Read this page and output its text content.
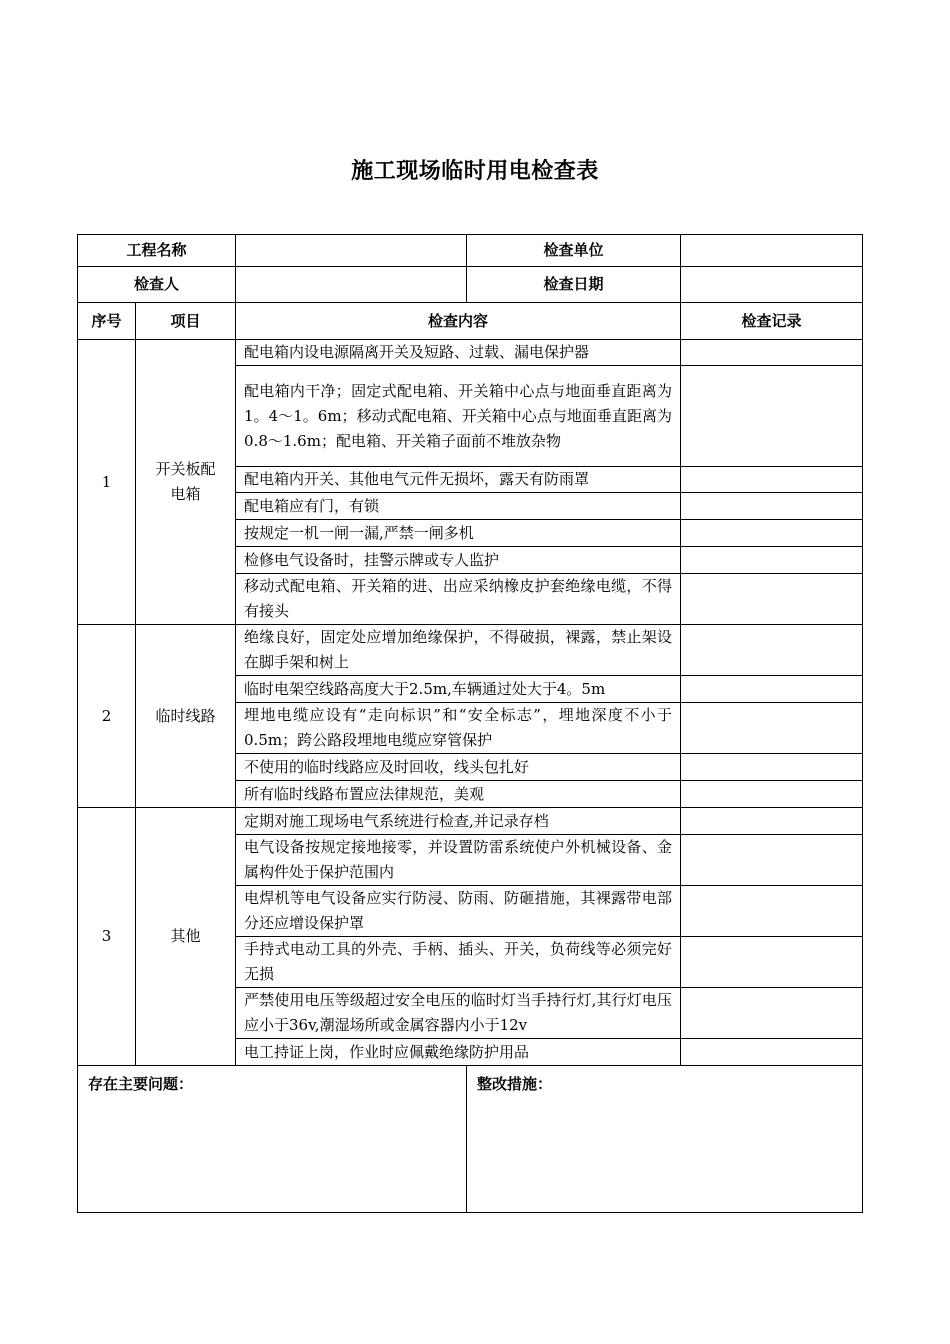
施工现场临时用电检查表
工程名称			检查单位	
检查人			检查日期	
序号	项目	检查内容		检查记录
1	开关板配电箱	配电箱内设电源隔离开关及短路、过载、漏电保护器		
		配电箱内干净；固定式配电箱、开关箱中心点与地面垂直距离为1。4～1。6m；移动式配电箱、开关箱中心点与地面垂直距离为0.8～1.6m；配电箱、开关箱子面前不堆放杂物		
		配电箱内开关、其他电气元件无损坏，露天有防雨罩		
		配电箱应有门，有锁		
		按规定一机一闸一漏,严禁一闸多机		
		检修电气设备时，挂警示牌或专人监护		
		移动式配电箱、开关箱的进、出应采纳橡皮护套绝缘电缆，不得有接头		
2	临时线路	绝缘良好，固定处应增加绝缘保护，不得破损，裸露，禁止架设在脚手架和树上		
		临时电架空线路高度大于2.5m,车辆通过处大于4。5m		
		埋地电缆应设有“走向标识”和“安全标志”，埋地深度不小于0.5m；跨公路段埋地电缆应穿管保护		
		不使用的临时线路应及时回收，线头包扎好		
		所有临时线路布置应法律规范，美观		
3	其他	定期对施工现场电气系统进行检查,并记录存档		
		电气设备按规定接地接零，并设置防雷系统使户外机械设备、金属构件处于保护范围内		
		电焊机等电气设备应实行防浸、防雨、防砸措施，其裸露带电部分还应增设保护罩		
		手持式电动工具的外壳、手柄、插头、开关，负荷线等必须完好无损		
		严禁使用电压等级超过安全电压的临时灯当手持行灯,其行灯电压应小于36v,潮湿场所或金属容器内小于12v		
		电工持证上岗，作业时应佩戴绝缘防护用品		
存在主要问题：			整改措施：	
